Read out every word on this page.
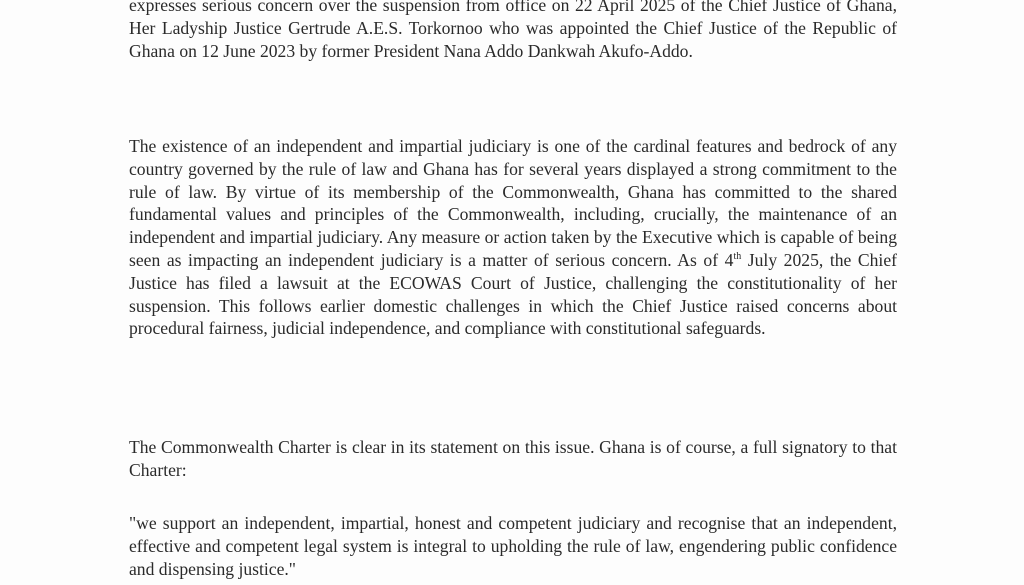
expresses serious concern over the suspension from office on 22 April 2025 of the Chief Justice of Ghana, Her Ladyship Justice Gertrude A.E.S. Torkornoo who was appointed the Chief Justice of the Republic of Ghana on 12 June 2023 by former President Nana Addo Dankwah Akufo-Addo.

The existence of an independent and impartial judiciary is one of the cardinal features and bedrock of any country governed by the rule of law and Ghana has for several years displayed a strong commitment to the rule of law. By virtue of its membership of the Commonwealth, Ghana has committed to the shared fundamental values and principles of the Commonwealth, including, crucially, the maintenance of an independent and impartial judiciary. Any measure or action taken by the Executive which is capable of being seen as impacting an independent judiciary is a matter of serious concern. As of 4th July 2025, the Chief Justice has filed a lawsuit at the ECOWAS Court of Justice, challenging the constitutionality of her suspension. This follows earlier domestic challenges in which the Chief Justice raised concerns about procedural fairness, judicial independence, and compliance with constitutional safeguards.

The Commonwealth Charter is clear in its statement on this issue. Ghana is of course, a full signatory to that Charter:

"we support an independent, impartial, honest and competent judiciary and recognise that an independent, effective and competent legal system is integral to upholding the rule of law, engendering public confidence and dispensing justice."
